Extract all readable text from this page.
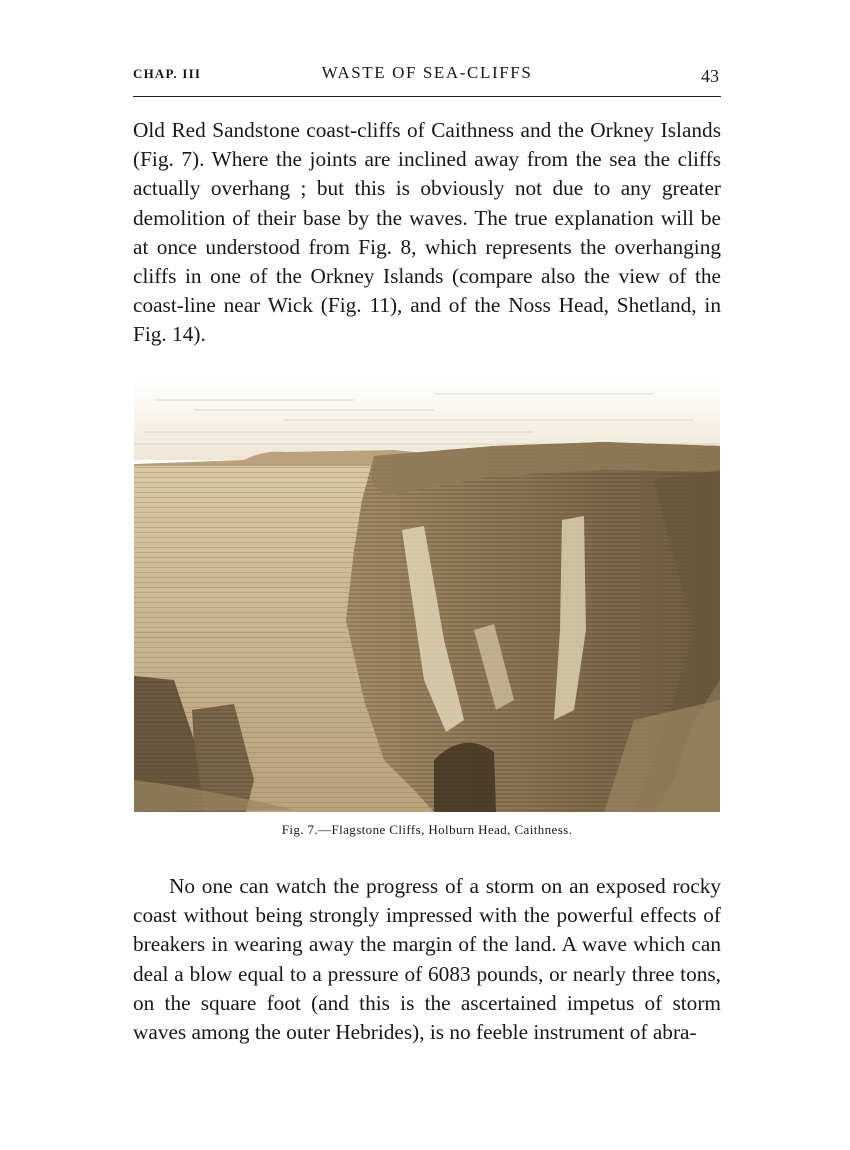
CHAP. III	WASTE OF SEA-CLIFFS	43

Old Red Sandstone coast-cliffs of Caithness and the Orkney Islands (Fig. 7). Where the joints are inclined away from the sea the cliffs actually overhang ; but this is obviously not due to any greater demolition of their base by the waves. The true explanation will be at once understood from Fig. 8, which represents the overhanging cliffs in one of the Orkney Islands (compare also the view of the coast-line near Wick (Fig. 11), and of the Noss Head, Shetland, in Fig. 14).

Fig. 7.—Flagstone Cliffs, Holburn Head, Caithness.

No one can watch the progress of a storm on an exposed rocky coast without being strongly impressed with the powerful effects of breakers in wearing away the margin of the land. A wave which can deal a blow equal to a pressure of 6083 pounds, or nearly three tons, on the square foot (and this is the ascertained impetus of storm waves among the outer Hebrides), is no feeble instrument of abra-
